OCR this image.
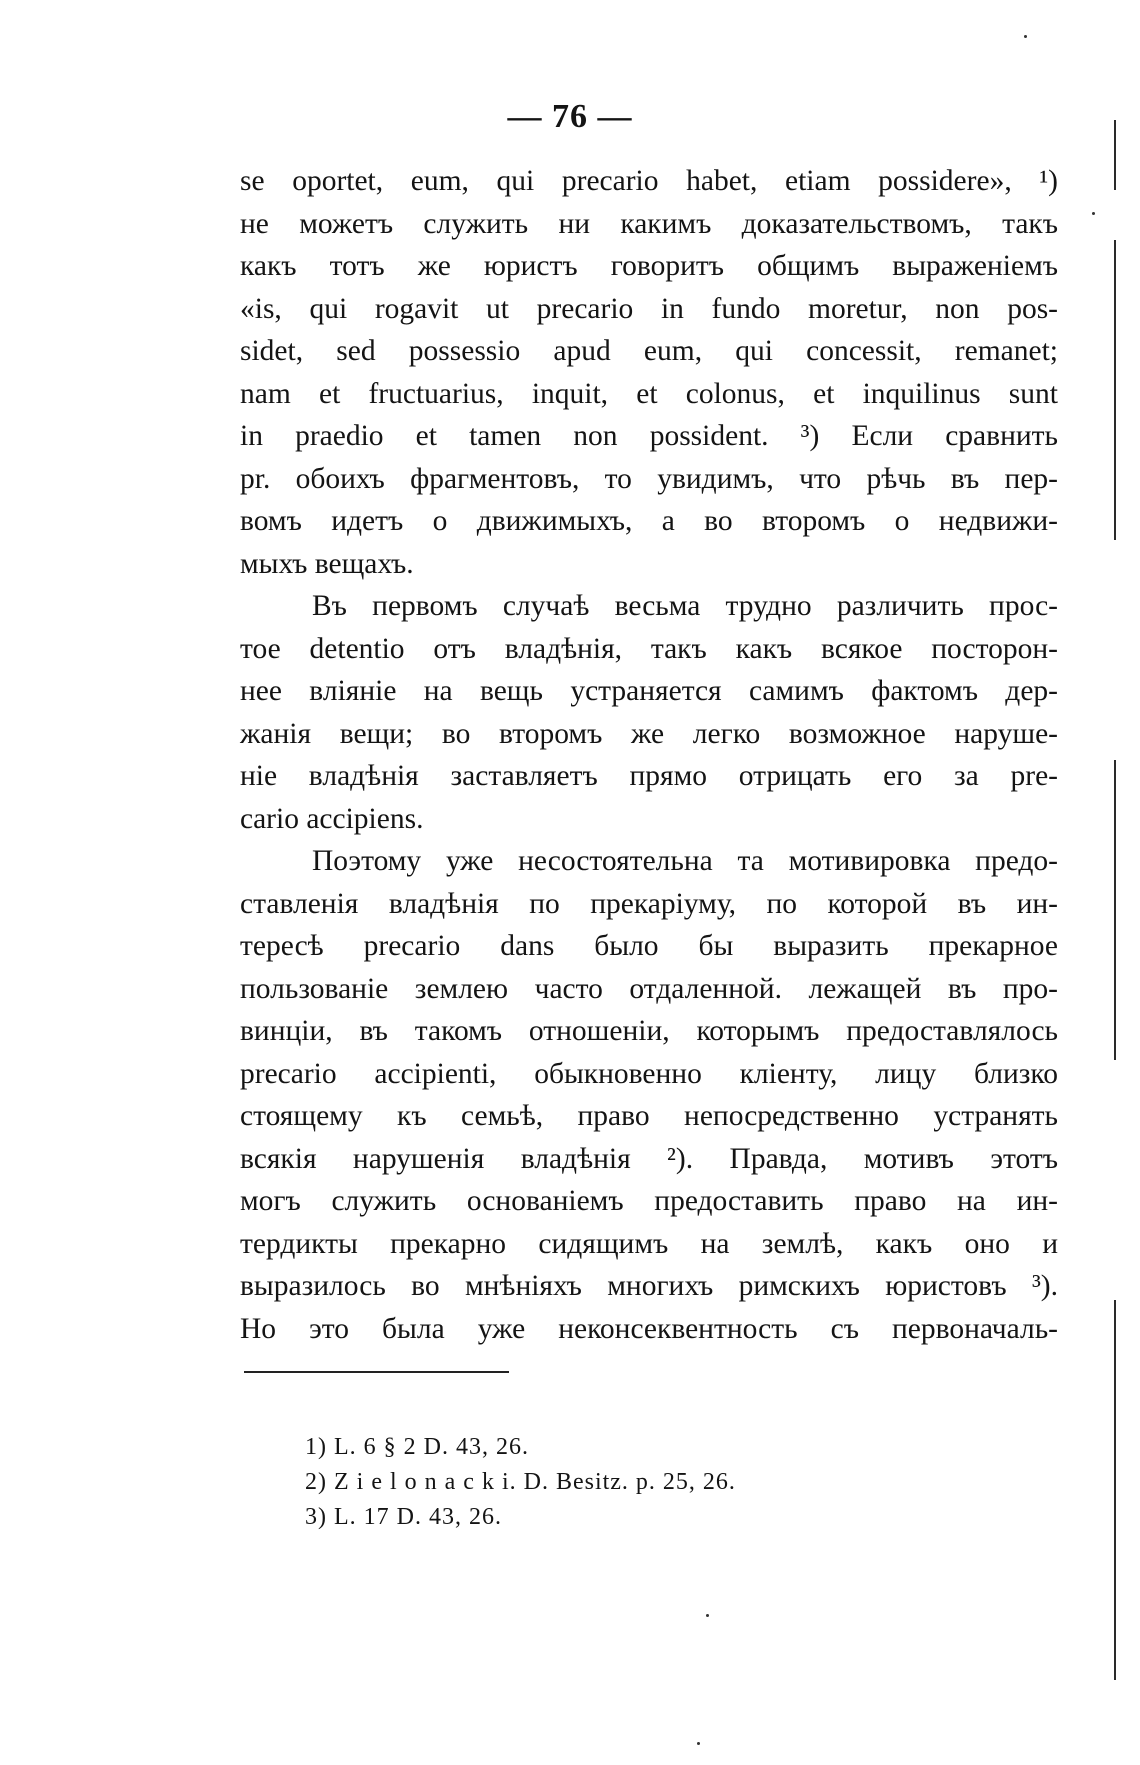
— 76 —
se oportet, eum, qui precario habet, etiam possidere», ¹)
не можетъ служить ни какимъ доказательствомъ, такъ
какъ тотъ же юристъ говоритъ общимъ выраженіемъ
«is, qui rogavit ut precario in fundo moretur, non pos-
sidet, sed possessio apud eum, qui concessit, remanet;
nam et fructuarius, inquit, et colonus, et inquilinus sunt
in praedio et tamen non possident. ³) Если сравнить
pr. обоихъ фрагментовъ, то увидимъ, что рѣчь въ пер-
вомъ идетъ о движимыхъ, а во второмъ о недвижи-
мыхъ вещахъ.
Въ первомъ случаѣ весьма трудно различить прос-
тое detentio отъ владѣнія, такъ какъ всякое посторон-
нее вліяніе на вещь устраняется самимъ фактомъ дер-
жанія вещи; во второмъ же легко возможное наруше-
ніе владѣнія заставляетъ прямо отрицать его за pre-
cario accipiens.
Поэтому уже несостоятельна та мотивировка предо-
ставленія владѣнія по прекаріуму, по которой въ ин-
тересѣ precario dans было бы выразить прекарное
пользованіе землею часто отдаленной. лежащей въ про-
винціи, въ такомъ отношеніи, которымъ предоставлялось
precario accipienti, обыкновенно кліенту, лицу близко
стоящему къ семьѣ, право непосредственно устранять
всякія нарушенія владѣнія ²). Правда, мотивъ этотъ
могъ служить основаніемъ предоставить право на ин-
тердикты прекарно сидящимъ на землѣ, какъ оно и
выразилось во мнѣніяхъ многихъ римскихъ юристовъ ³).
Но это была уже неконсеквентность съ первоначаль-
1) L. 6 § 2 D. 43, 26.
2) Z i e l o n a c k i. D. Besitz. p. 25, 26.
3) L. 17 D. 43, 26.
